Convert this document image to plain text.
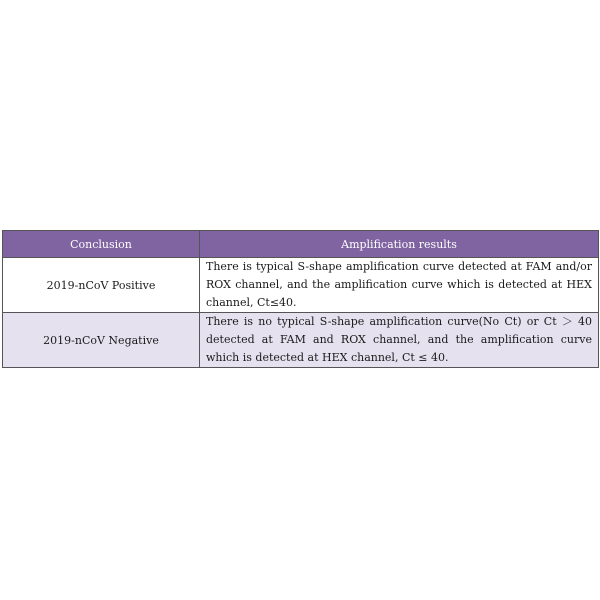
Conclusion	Amplification results
2019-nCoV Positive	There is typical S-shape amplification curve detected at FAM and/or ROX channel, and the amplification curve which is detected at HEX channel, Ct≤40.
2019-nCoV Negative	There is no typical S-shape amplification curve(No Ct) or Ct ＞ 40 detected at FAM and ROX channel, and the amplification curve which is detected at HEX channel, Ct ≤ 40.
